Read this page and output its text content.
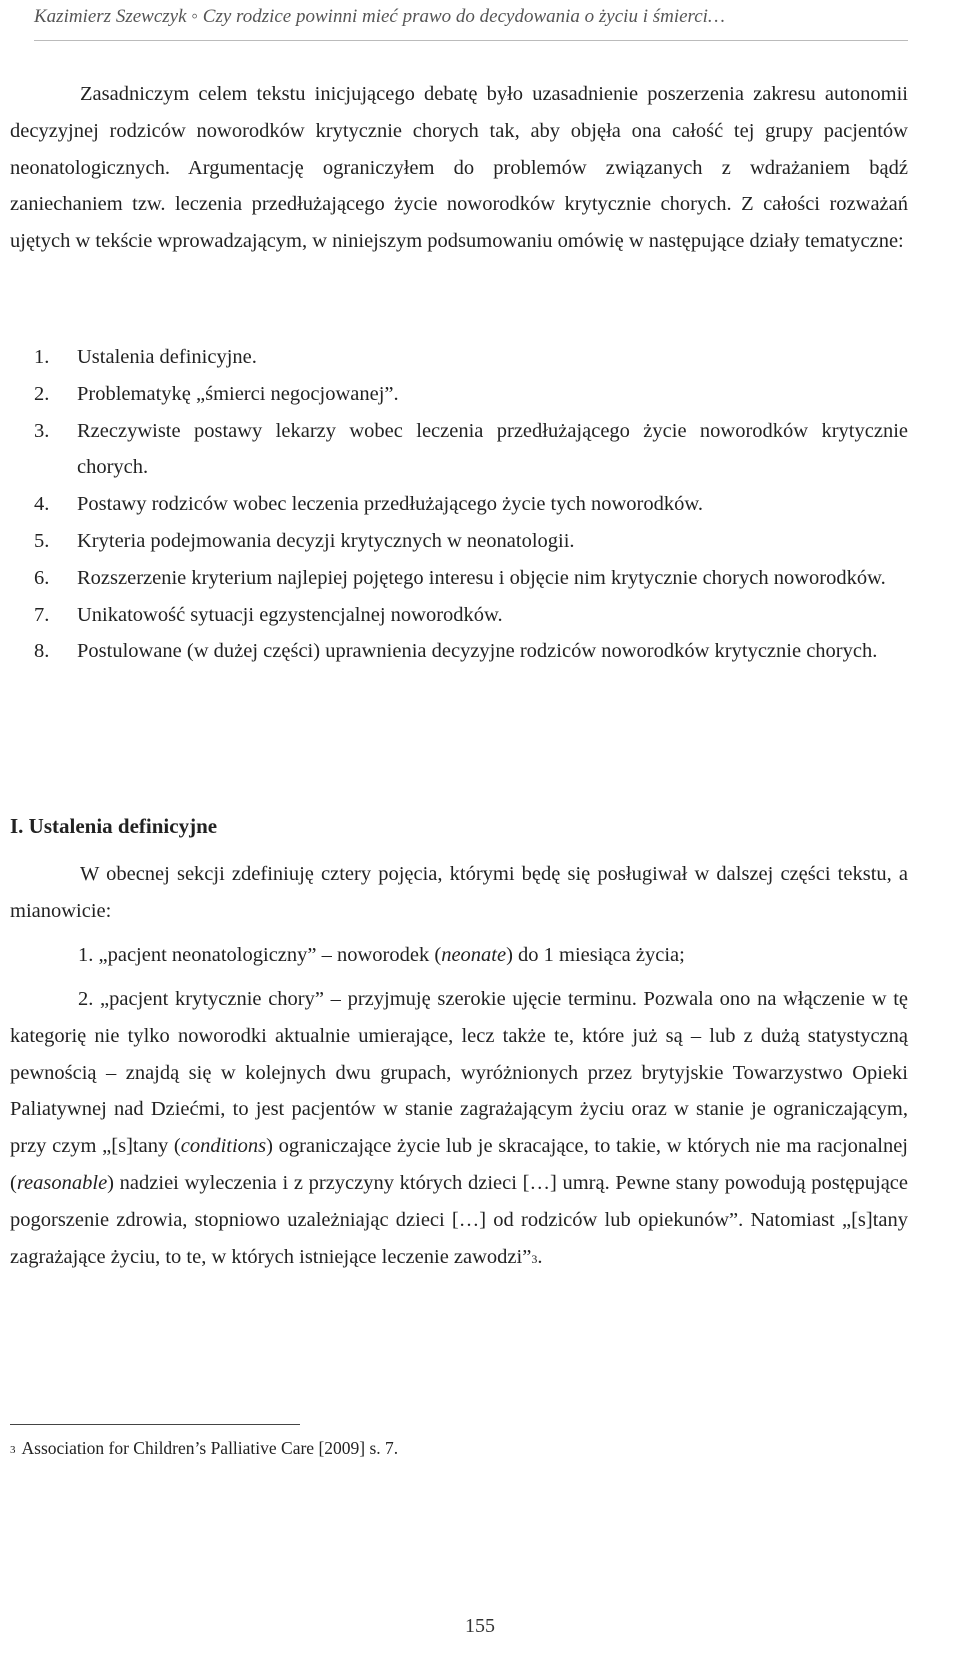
Kazimierz Szewczyk ◦ Czy rodzice powinni mieć prawo do decydowania o życiu i śmierci…
Zasadniczym celem tekstu inicjującego debatę było uzasadnienie poszerzenia zakresu autonomii decyzyjnej rodziców noworodków krytycznie chorych tak, aby objęła ona całość tej grupy pacjentów neonatologicznych. Argumentację ograniczyłem do problemów związanych z wdrażaniem bądź zaniechaniem tzw. leczenia przedłużającego życie noworodków krytycznie chorych. Z całości rozważań ujętych w tekście wprowadzającym, w niniejszym podsumowaniu omówię w następujące działy tematyczne:
1.	Ustalenia definicyjne.
2.	Problematykę „śmierci negocjowanej”.
3.	Rzeczywiste postawy lekarzy wobec leczenia przedłużającego życie noworodków krytycznie chorych.
4.	Postawy rodziców wobec leczenia przedłużającego życie tych noworodków.
5.	Kryteria podejmowania decyzji krytycznych w neonatologii.
6.	Rozszerzenie kryterium najlepiej pojętego interesu i objęcie nim krytycznie chorych noworodków.
7.	Unikatowość sytuacji egzystencjalnej noworodków.
8.	Postulowane (w dużej części) uprawnienia decyzyjne rodziców noworodków krytycznie chorych.
I. Ustalenia definicyjne
W obecnej sekcji zdefiniuję cztery pojęcia, którymi będę się posługiwał w dalszej części tekstu, a mianowicie:
1. „pacjent neonatologiczny” – noworodek (neonate) do 1 miesiąca życia;
2. „pacjent krytycznie chory” – przyjmuję szerokie ujęcie terminu. Pozwala ono na włączenie w tę kategorię nie tylko noworodki aktualnie umierające, lecz także te, które już są – lub z dużą statystyczną pewnością – znajdą się w kolejnych dwu grupach, wyróżnionych przez brytyjskie Towarzystwo Opieki Paliatywnej nad Dziećmi, to jest pacjentów w stanie zagrażającym życiu oraz w stanie je ograniczającym, przy czym „[s]tany (conditions) ograniczające życie lub je skracające, to takie, w których nie ma racjonalnej (reasonable) nadziei wyleczenia i z przyczyny których dzieci […] umrą. Pewne stany powodują postępujące pogorszenie zdrowia, stopniowo uzależniając dzieci […] od rodziców lub opiekunów”. Natomiast „[s]tany zagrażające życiu, to te, w których istniejące leczenie zawodzi”$^3$.
$^3$ Association for Children’s Palliative Care [2009] s. 7.
155
